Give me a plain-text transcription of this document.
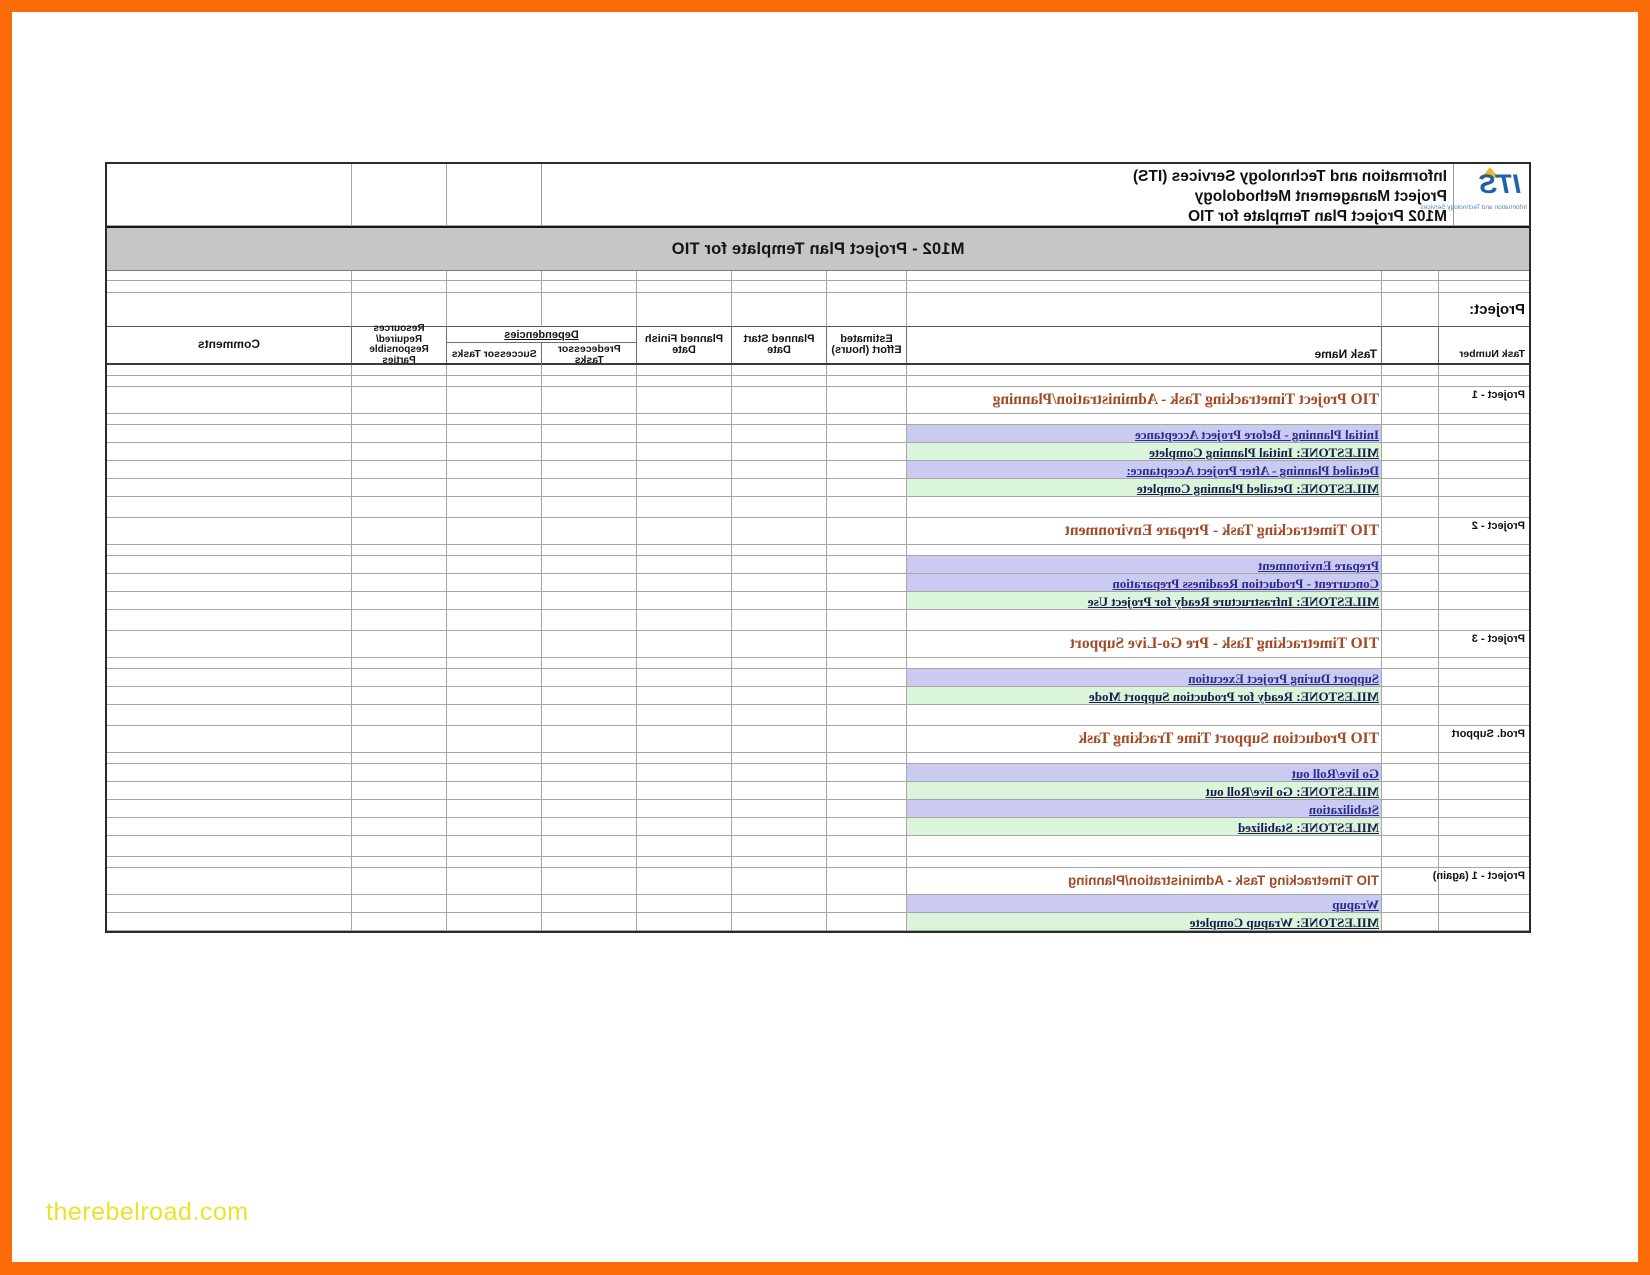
ITS
Information and Technology Services
Information and Technology Services (ITS)
Project Management Methodology
M102 Project Plan Template for TIO
M102 - Project Plan Template for TIO
Project:
Task Number
Task Name
Estimated Effort (hours)
Planned Start Date
Planned Finish Date
Dependencies
Predecessor Tasks
Successor Tasks
Resources
Required/
Responsible
Parties
Comments
Project - 1
TIO Project Timetracking Task - Administration/Planning
Initial Planning - Before Project Acceptance
MILESTONE: Initial Planning Complete
Detailed Planning - After Project Acceptance:
MILESTONE: Detailed Planning Complete
Project - 2
TIO Timetracking Task - Prepare Environment
Prepare Environment
Concurrent - Production Readiness Preparation
MILESTONE: Infrastructure Ready for Project Use
Project - 3
TIO Timetracking Task - Pre Go-Live Support
Support During Project Execution
MILESTONE: Ready for Production Support Mode
Prod. Support
TIO Production Support Time Tracking Task
Go live/Roll out
MILESTONE: Go live/Roll out
Stabilization
MILESTONE: Stabilized
Project - 1 (again)
TIO Timetracking Task - Administration/Planning
Wrapup
MILESTONE: Wrapup Complete
therebelroad.com
